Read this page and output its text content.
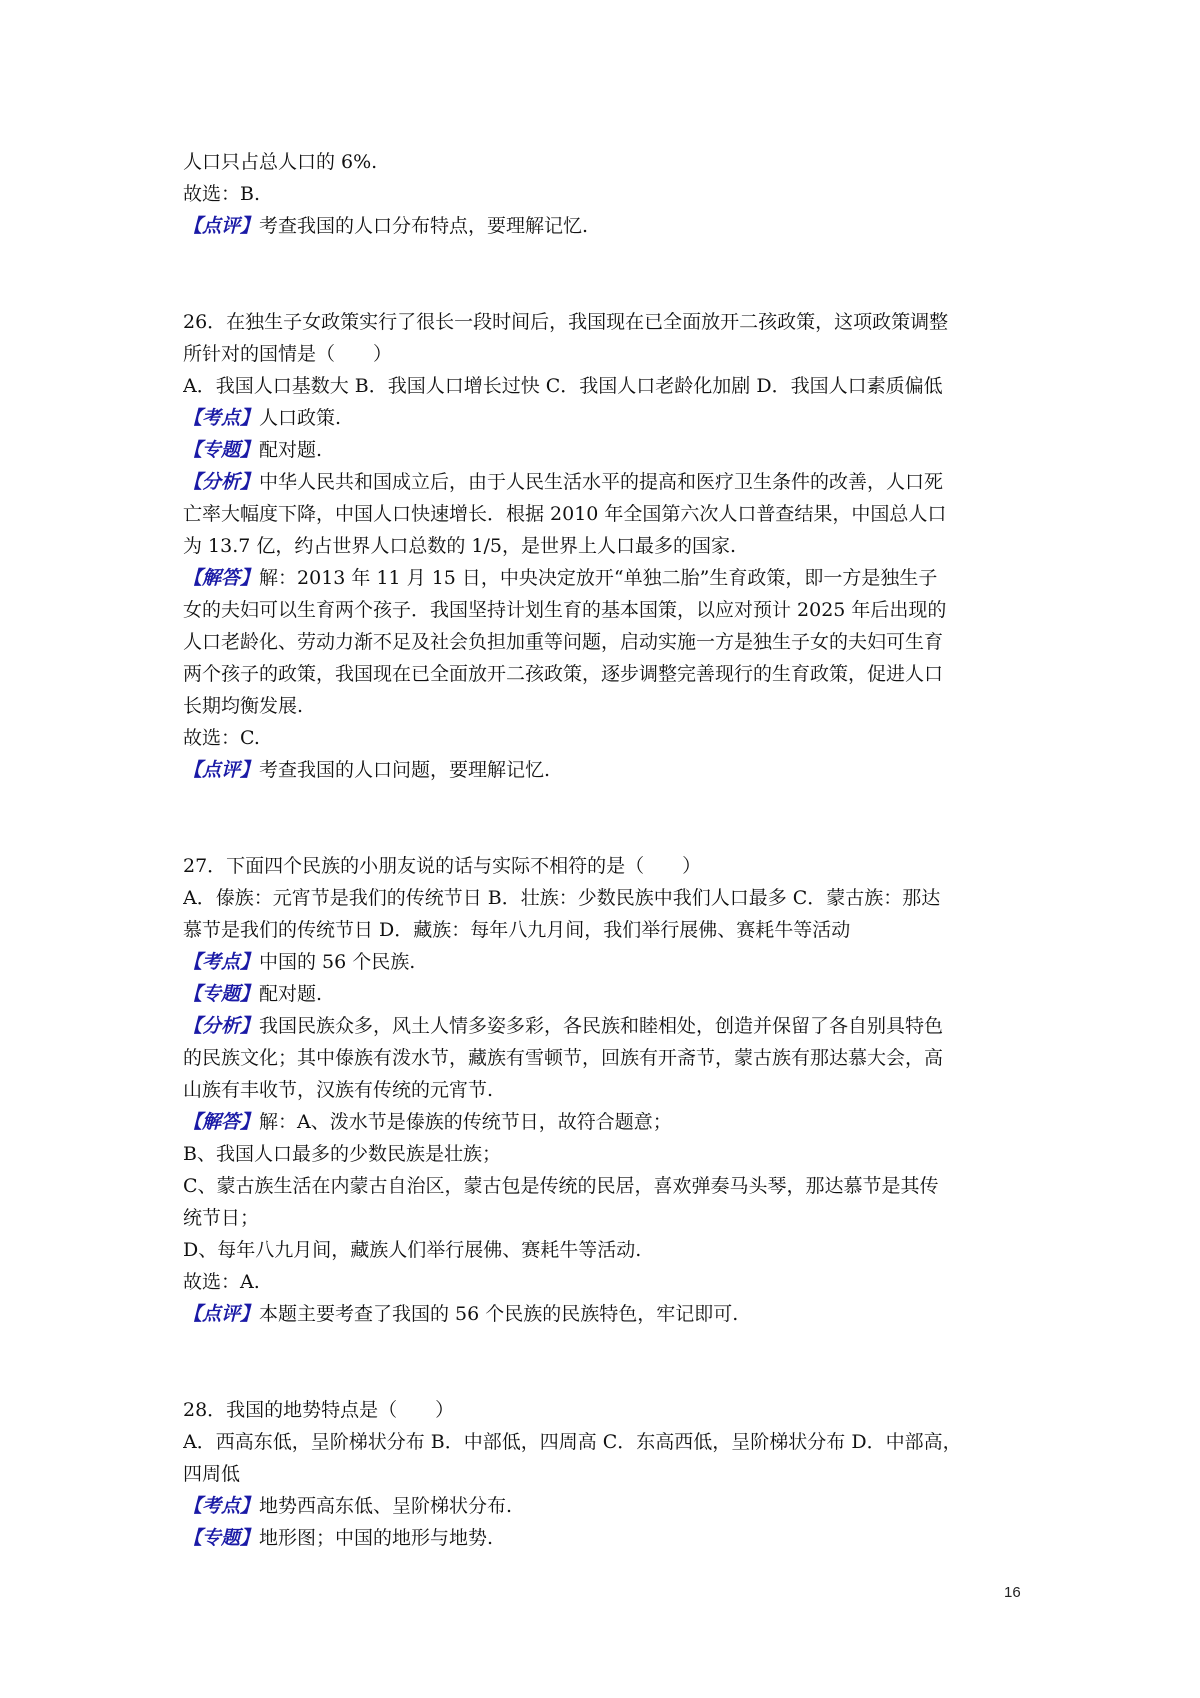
人口只占总人口的 6%.
故选：B.
【点评】考查我国的人口分布特点，要理解记忆.
26．在独生子女政策实行了很长一段时间后，我国现在已全面放开二孩政策，这项政策调整
所针对的国情是（　　）
A．我国人口基数大 B．我国人口增长过快 C．我国人口老龄化加剧 D．我国人口素质偏低
【考点】人口政策.
【专题】配对题.
【分析】中华人民共和国成立后，由于人民生活水平的提高和医疗卫生条件的改善，人口死
亡率大幅度下降，中国人口快速增长．根据 2010 年全国第六次人口普查结果，中国总人口
为 13.7 亿，约占世界人口总数的 1/5，是世界上人口最多的国家.
【解答】解：2013 年 11 月 15 日，中央决定放开“单独二胎”生育政策，即一方是独生子
女的夫妇可以生育两个孩子．我国坚持计划生育的基本国策，以应对预计 2025 年后出现的
人口老龄化、劳动力渐不足及社会负担加重等问题，启动实施一方是独生子女的夫妇可生育
两个孩子的政策，我国现在已全面放开二孩政策，逐步调整完善现行的生育政策，促进人口
长期均衡发展.
故选：C.
【点评】考查我国的人口问题，要理解记忆.
27．下面四个民族的小朋友说的话与实际不相符的是（　　）
A．傣族：元宵节是我们的传统节日 B．壮族：少数民族中我们人口最多 C．蒙古族：那达
慕节是我们的传统节日 D．藏族：每年八九月间，我们举行展佛、赛耗牛等活动
【考点】中国的 56 个民族.
【专题】配对题.
【分析】我国民族众多，风土人情多姿多彩，各民族和睦相处，创造并保留了各自别具特色
的民族文化；其中傣族有泼水节，藏族有雪顿节，回族有开斋节，蒙古族有那达慕大会，高
山族有丰收节，汉族有传统的元宵节.
【解答】解：A、泼水节是傣族的传统节日，故符合题意；
B、我国人口最多的少数民族是壮族；
C、蒙古族生活在内蒙古自治区，蒙古包是传统的民居，喜欢弹奏马头琴，那达慕节是其传
统节日；
D、每年八九月间，藏族人们举行展佛、赛耗牛等活动.
故选：A.
【点评】本题主要考查了我国的 56 个民族的民族特色，牢记即可.
28．我国的地势特点是（　　）
A．西高东低，呈阶梯状分布 B．中部低，四周高 C．东高西低，呈阶梯状分布 D．中部高，
四周低
【考点】地势西高东低、呈阶梯状分布.
【专题】地形图；中国的地形与地势.
16
